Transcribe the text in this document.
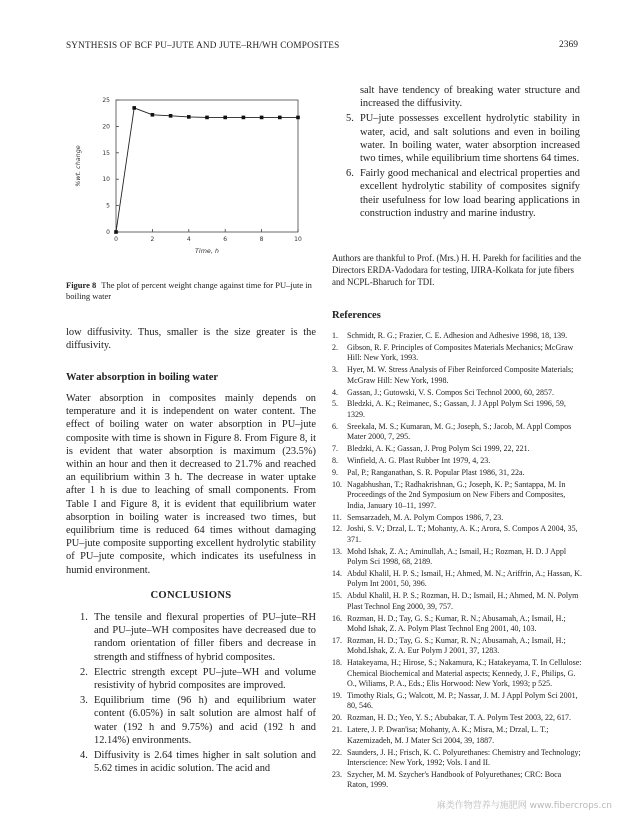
SYNTHESIS OF BCF PU–JUTE AND JUTE–RH/WH COMPOSITES	2369
0	2	4	6	8	10
0
5
10
15
20
25
Time, h
%wt. change
Figure 8 The plot of percent weight change against time for PU–jute in boiling water

low diffusivity. Thus, smaller is the size greater is the diffusivity.

Water absorption in boiling water

Water absorption in composites mainly depends on temperature and it is independent on water content. The effect of boiling water on water absorption in PU–jute composite with time is shown in Figure 8. From Figure 8, it is evident that water absorption is maximum (23.5%) within an hour and then it decreased to 21.7% and reached an equilibrium within 3 h. The decrease in water uptake after 1 h is due to leaching of small components. From Table I and Figure 8, it is evident that equilibrium water absorption in boiling water is increased two times, but equilibrium time is reduced 64 times without damaging PU–jute composite supporting excellent hydrolytic stability of PU–jute composite, which indicates its usefulness in humid environment.

CONCLUSIONS
1. The tensile and flexural properties of PU–jute–RH and PU–jute–WH composites have decreased due to random orientation of filler fibers and decrease in strength and stiffness of hybrid composites.
2. Electric strength except PU–jute–WH and volume resistivity of hybrid composites are improved.
3. Equilibrium time (96 h) and equilibrium water content (6.05%) in salt solution are almost half of water (192 h and 9.75%) and acid (192 h and 12.14%) environments.
4. Diffusivity is 2.64 times higher in salt solution and 5.62 times in acidic solution. The acid and
salt have tendency of breaking water structure and increased the diffusivity.
5. PU–jute possesses excellent hydrolytic stability in water, acid, and salt solutions and even in boiling water. In boiling water, water absorption increased two times, while equilibrium time shortens 64 times.
6. Fairly good mechanical and electrical properties and excellent hydrolytic stability of composites signify their usefulness for low load bearing applications in construction industry and marine industry.

Authors are thankful to Prof. (Mrs.) H. H. Parekh for facilities and the Directors ERDA-Vadodara for testing, IJIRA-Kolkata for jute fibers and NCPL-Bharuch for TDI.

References
1. Schmidt, R. G.; Frazier, C. E. Adhesion and Adhesive 1998, 18, 139.
2. Gibson, R. F. Principles of Composites Materials Mechanics; McGraw Hill: New York, 1993.
3. Hyer, M. W. Stress Analysis of Fiber Reinforced Composite Materials; McGraw Hill: New York, 1998.
4. Gassan, J.; Gutowski, V. S. Compos Sci Technol 2000, 60, 2857.
5. Bledzki, A. K.; Reimanec, S.; Gassan, J. J Appl Polym Sci 1996, 59, 1329.
6. Sreekala, M. S.; Kumaran, M. G.; Joseph, S.; Jacob, M. Appl Compos Mater 2000, 7, 295.
7. Bledzki, A. K.; Gassan, J. Prog Polym Sci 1999, 22, 221.
8. Winfield, A. G. Plast Rubber Int 1979, 4, 23.
9. Pal, P.; Ranganathan, S. R. Popular Plast 1986, 31, 22a.
10. Nagabhushan, T.; Radhakrishnan, G.; Joseph, K. P.; Santappa, M. In Proceedings of the 2nd Symposium on New Fibers and Composites, India, January 10–11, 1997.
11. Semsarzadeh, M. A. Polym Compos 1986, 7, 23.
12. Joshi, S. V.; Drzal, L. T.; Mohanty, A. K.; Arora, S. Compos A 2004, 35, 371.
13. Mohd Ishak, Z. A.; Aminullah, A.; Ismail, H.; Rozman, H. D. J Appl Polym Sci 1998, 68, 2189.
14. Abdul Khalil, H. P. S.; Ismail, H.; Ahmed, M. N.; Ariffrin, A.; Hassan, K. Polym Int 2001, 50, 396.
15. Abdul Khalil, H. P. S.; Rozman, H. D.; Ismail, H.; Ahmed, M. N. Polym Plast Technol Eng 2000, 39, 757.
16. Rozman, H. D.; Tay, G. S.; Kumar, R. N.; Abusamah, A.; Ismail, H.; Mohd Ishak, Z. A. Polym Plast Technol Eng 2001, 40, 103.
17. Rozman, H. D.; Tay, G. S.; Kumar, R. N.; Abusamah, A.; Ismail, H.; Mohd.Ishak, Z. A. Eur Polym J 2001, 37, 1283.
18. Hatakeyama, H.; Hirose, S.; Nakamura, K.; Hatakeyama, T. In Cellulose: Chemical Biochemical and Material aspects; Kennedy, J. F., Philips, G. O., Wiliams, P. A., Eds.; Elis Horwood: New York, 1993; p 525.
19. Timothy Rials, G.; Walcott, M. P.; Nassar, J. M. J Appl Polym Sci 2001, 80, 546.
20. Rozman, H. D.; Yeo, Y. S.; Abubakar, T. A. Polym Test 2003, 22, 617.
21. Latere, J. P. Dwan'isa; Mohanty, A. K.; Misra, M.; Drzal, L. T.; Kazemizadeh, M. J Mater Sci 2004, 39, 1887.
22. Saunders, J. H.; Frisch, K. C. Polyurethanes: Chemistry and Technology; Interscience: New York, 1992; Vols. I and II.
23. Szycher, M. M. Szycher's Handbook of Polyurethanes; CRC: Boca Raton, 1999.
麻类作物营养与施肥网 www.fibercrops.cn
